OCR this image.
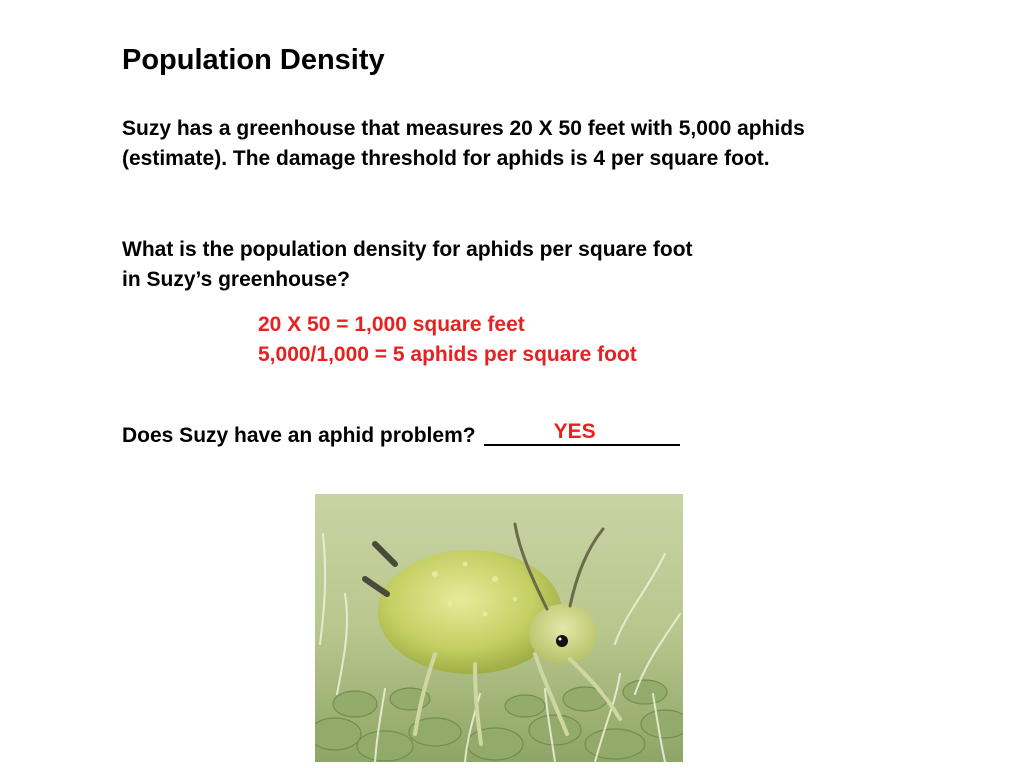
Population Density

Suzy has a greenhouse that measures 20 X 50 feet with 5,000 aphids (estimate). The damage threshold for aphids is 4 per square foot.

What is the population density for aphids per square foot
in Suzy’s greenhouse?
20 X 50 = 1,000 square feet
5,000/1,000 = 5 aphids per square foot
Does Suzy have an aphid problem?	YES
